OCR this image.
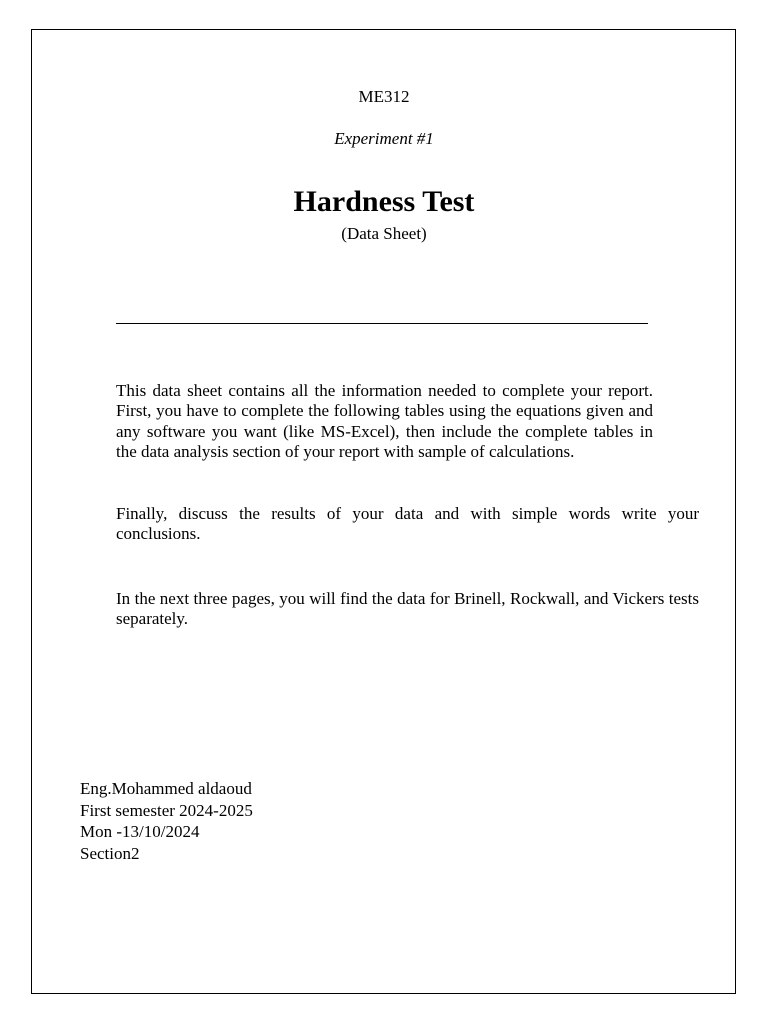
ME312
Experiment #1
Hardness Test
(Data Sheet)

This data sheet contains all the information needed to complete your report. First, you have to complete the following tables using the equations given and any software you want (like MS-Excel), then include the complete tables in the data analysis section of your report with sample of calculations.

Finally, discuss the results of your data and with simple words write your conclusions.

In the next three pages, you will find the data for Brinell, Rockwall, and Vickers tests separately.

Eng.Mohammed aldaoud
First semester 2024-2025
Mon -13/10/2024
Section2
